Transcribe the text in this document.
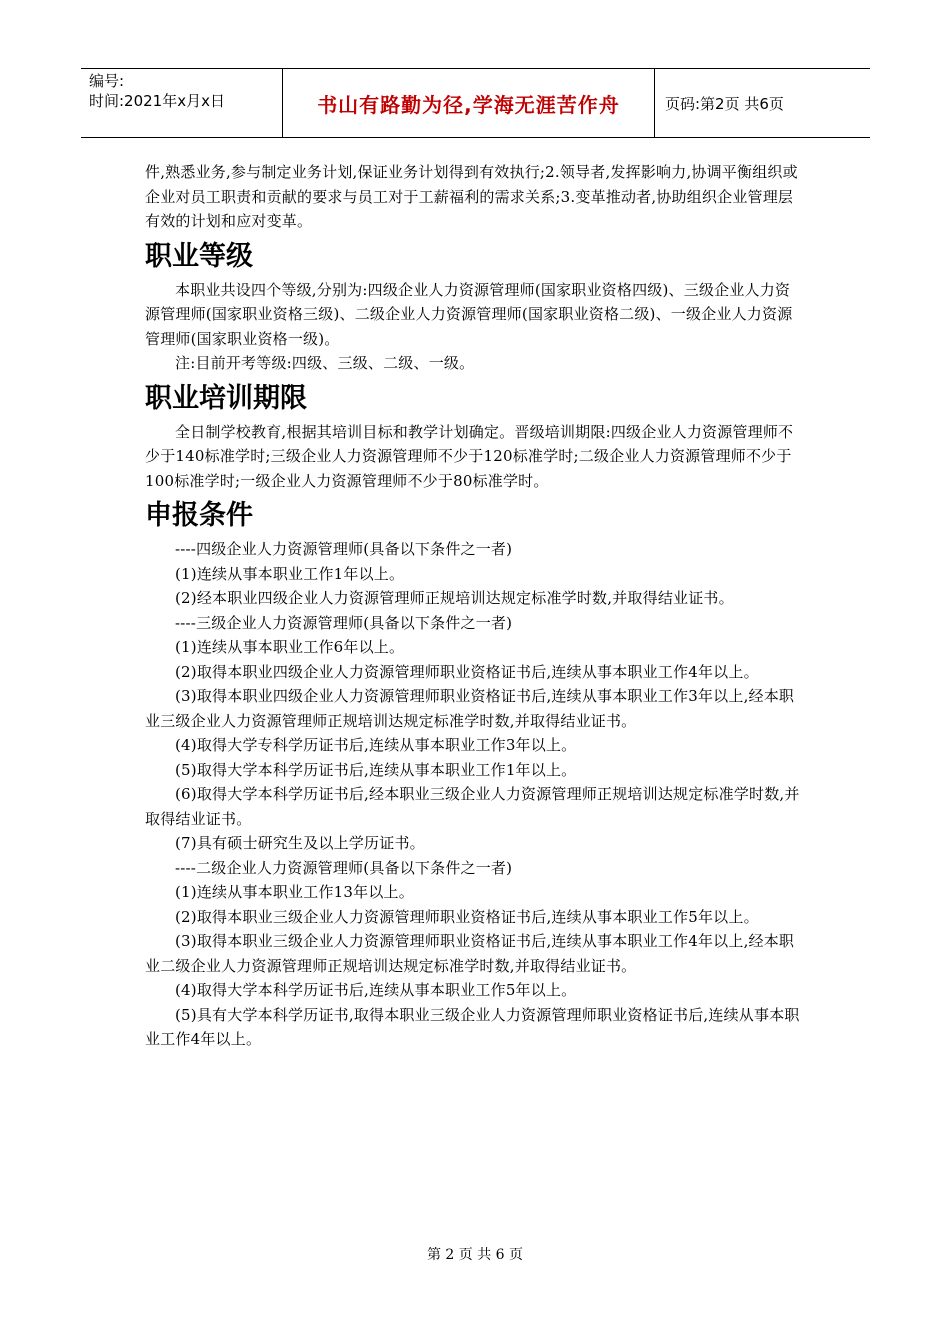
编号:
时间:2021年x月x日	书山有路勤为径,学海无涯苦作舟	页码:第2页 共6页

件,熟悉业务,参与制定业务计划,保证业务计划得到有效执行;2.领导者,发挥影响力,协调平衡组织或企业对员工职责和贡献的要求与员工对于工薪福利的需求关系;3.变革推动者,协助组织企业管理层有效的计划和应对变革。

职业等级

本职业共设四个等级,分别为:四级企业人力资源管理师(国家职业资格四级)、三级企业人力资源管理师(国家职业资格三级)、二级企业人力资源管理师(国家职业资格二级)、一级企业人力资源管理师(国家职业资格一级)。

注:目前开考等级:四级、三级、二级、一级。

职业培训期限

全日制学校教育,根据其培训目标和教学计划确定。晋级培训期限:四级企业人力资源管理师不少于140标准学时;三级企业人力资源管理师不少于120标准学时;二级企业人力资源管理师不少于100标准学时;一级企业人力资源管理师不少于80标准学时。

申报条件

----四级企业人力资源管理师(具备以下条件之一者)

(1)连续从事本职业工作1年以上。

(2)经本职业四级企业人力资源管理师正规培训达规定标准学时数,并取得结业证书。

----三级企业人力资源管理师(具备以下条件之一者)

(1)连续从事本职业工作6年以上。

(2)取得本职业四级企业人力资源管理师职业资格证书后,连续从事本职业工作4年以上。

(3)取得本职业四级企业人力资源管理师职业资格证书后,连续从事本职业工作3年以上,经本职业三级企业人力资源管理师正规培训达规定标准学时数,并取得结业证书。

(4)取得大学专科学历证书后,连续从事本职业工作3年以上。

(5)取得大学本科学历证书后,连续从事本职业工作1年以上。

(6)取得大学本科学历证书后,经本职业三级企业人力资源管理师正规培训达规定标准学时数,并取得结业证书。

(7)具有硕士研究生及以上学历证书。

----二级企业人力资源管理师(具备以下条件之一者)

(1)连续从事本职业工作13年以上。

(2)取得本职业三级企业人力资源管理师职业资格证书后,连续从事本职业工作5年以上。

(3)取得本职业三级企业人力资源管理师职业资格证书后,连续从事本职业工作4年以上,经本职业二级企业人力资源管理师正规培训达规定标准学时数,并取得结业证书。

(4)取得大学本科学历证书后,连续从事本职业工作5年以上。

(5)具有大学本科学历证书,取得本职业三级企业人力资源管理师职业资格证书后,连续从事本职业工作4年以上。

第 2 页 共 6 页
